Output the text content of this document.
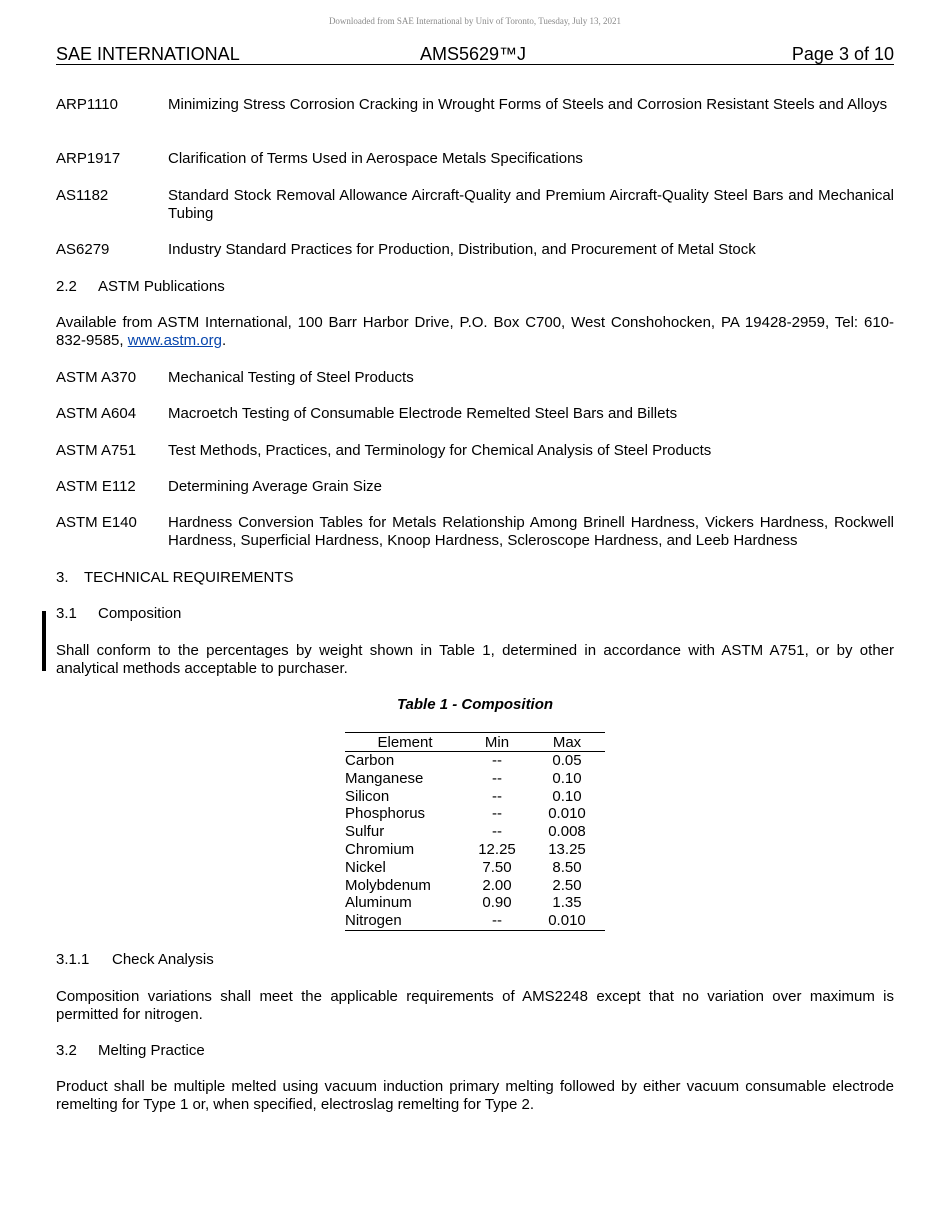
Downloaded from SAE International by Univ of Toronto, Tuesday, July 13, 2021
SAE INTERNATIONAL	AMS5629™J	Page 3 of 10
ARP1110	Minimizing Stress Corrosion Cracking in Wrought Forms of Steels and Corrosion Resistant Steels and Alloys
ARP1917	Clarification of Terms Used in Aerospace Metals Specifications
AS1182	Standard Stock Removal Allowance Aircraft-Quality and Premium Aircraft-Quality Steel Bars and Mechanical Tubing
AS6279	Industry Standard Practices for Production, Distribution, and Procurement of Metal Stock
2.2 ASTM Publications
Available from ASTM International, 100 Barr Harbor Drive, P.O. Box C700, West Conshohocken, PA 19428-2959, Tel: 610-832-9585, www.astm.org.
ASTM A370 Mechanical Testing of Steel Products
ASTM A604 Macroetch Testing of Consumable Electrode Remelted Steel Bars and Billets
ASTM A751 Test Methods, Practices, and Terminology for Chemical Analysis of Steel Products
ASTM E112 Determining Average Grain Size
ASTM E140 Hardness Conversion Tables for Metals Relationship Among Brinell Hardness, Vickers Hardness, Rockwell Hardness, Superficial Hardness, Knoop Hardness, Scleroscope Hardness, and Leeb Hardness
3. TECHNICAL REQUIREMENTS
3.1 Composition
Shall conform to the percentages by weight shown in Table 1, determined in accordance with ASTM A751, or by other analytical methods acceptable to purchaser.
Table 1 - Composition
Element	Min	Max
Carbon	--	0.05
Manganese	--	0.10
Silicon	--	0.10
Phosphorus	--	0.010
Sulfur	--	0.008
Chromium	12.25	13.25
Nickel	7.50	8.50
Molybdenum	2.00	2.50
Aluminum	0.90	1.35
Nitrogen	--	0.010
3.1.1 Check Analysis
Composition variations shall meet the applicable requirements of AMS2248 except that no variation over maximum is permitted for nitrogen.
3.2 Melting Practice
Product shall be multiple melted using vacuum induction primary melting followed by either vacuum consumable electrode remelting for Type 1 or, when specified, electroslag remelting for Type 2.
